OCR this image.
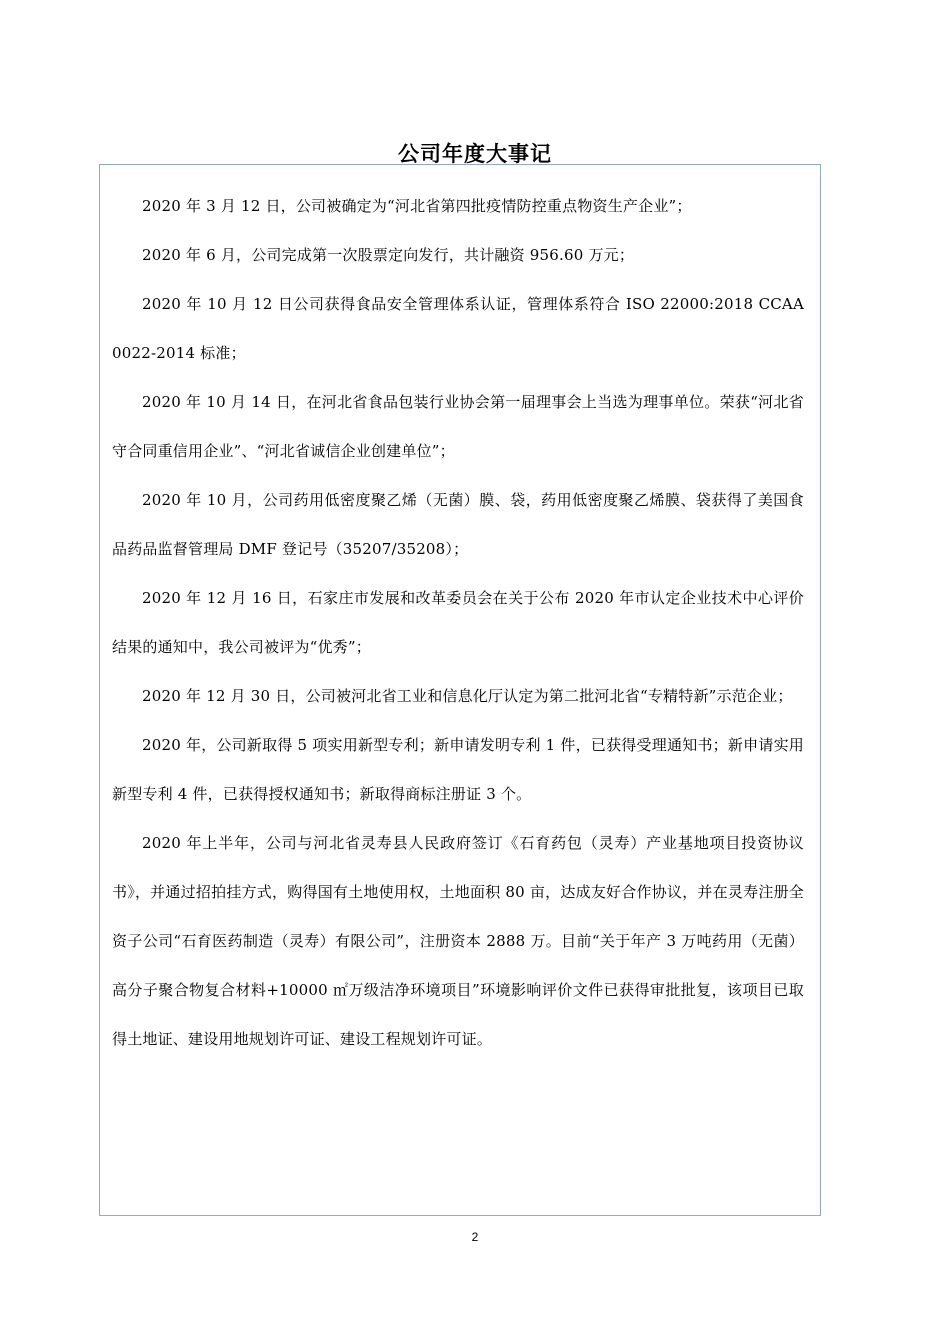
公司年度大事记

2020 年 3 月 12 日，公司被确定为“河北省第四批疫情防控重点物资生产企业”；

2020 年 6 月，公司完成第一次股票定向发行，共计融资 956.60 万元；

2020 年 10 月 12 日公司获得食品安全管理体系认证，管理体系符合 ISO 22000:2018 CCAA 0022-2014 标准；

2020 年 10 月 14 日，在河北省食品包装行业协会第一届理事会上当选为理事单位。荣获“河北省守合同重信用企业”、“河北省诚信企业创建单位”；

2020 年 10 月，公司药用低密度聚乙烯（无菌）膜、袋，药用低密度聚乙烯膜、袋获得了美国食品药品监督管理局 DMF 登记号（35207/35208）；

2020 年 12 月 16 日，石家庄市发展和改革委员会在关于公布 2020 年市认定企业技术中心评价结果的通知中，我公司被评为“优秀”；

2020 年 12 月 30 日，公司被河北省工业和信息化厅认定为第二批河北省“专精特新”示范企业；

2020 年，公司新取得 5 项实用新型专利；新申请发明专利 1 件，已获得受理通知书；新申请实用新型专利 4 件，已获得授权通知书；新取得商标注册证 3 个。

2020 年上半年，公司与河北省灵寿县人民政府签订《石育药包（灵寿）产业基地项目投资协议书》，并通过招拍挂方式，购得国有土地使用权，土地面积 80 亩，达成友好合作协议，并在灵寿注册全资子公司“石育医药制造（灵寿）有限公司”，注册资本 2888 万。目前“关于年产 3 万吨药用（无菌）高分子聚合物复合材料+10000 ㎡万级洁净环境项目”环境影响评价文件已获得审批批复，该项目已取得土地证、建设用地规划许可证、建设工程规划许可证。

2
